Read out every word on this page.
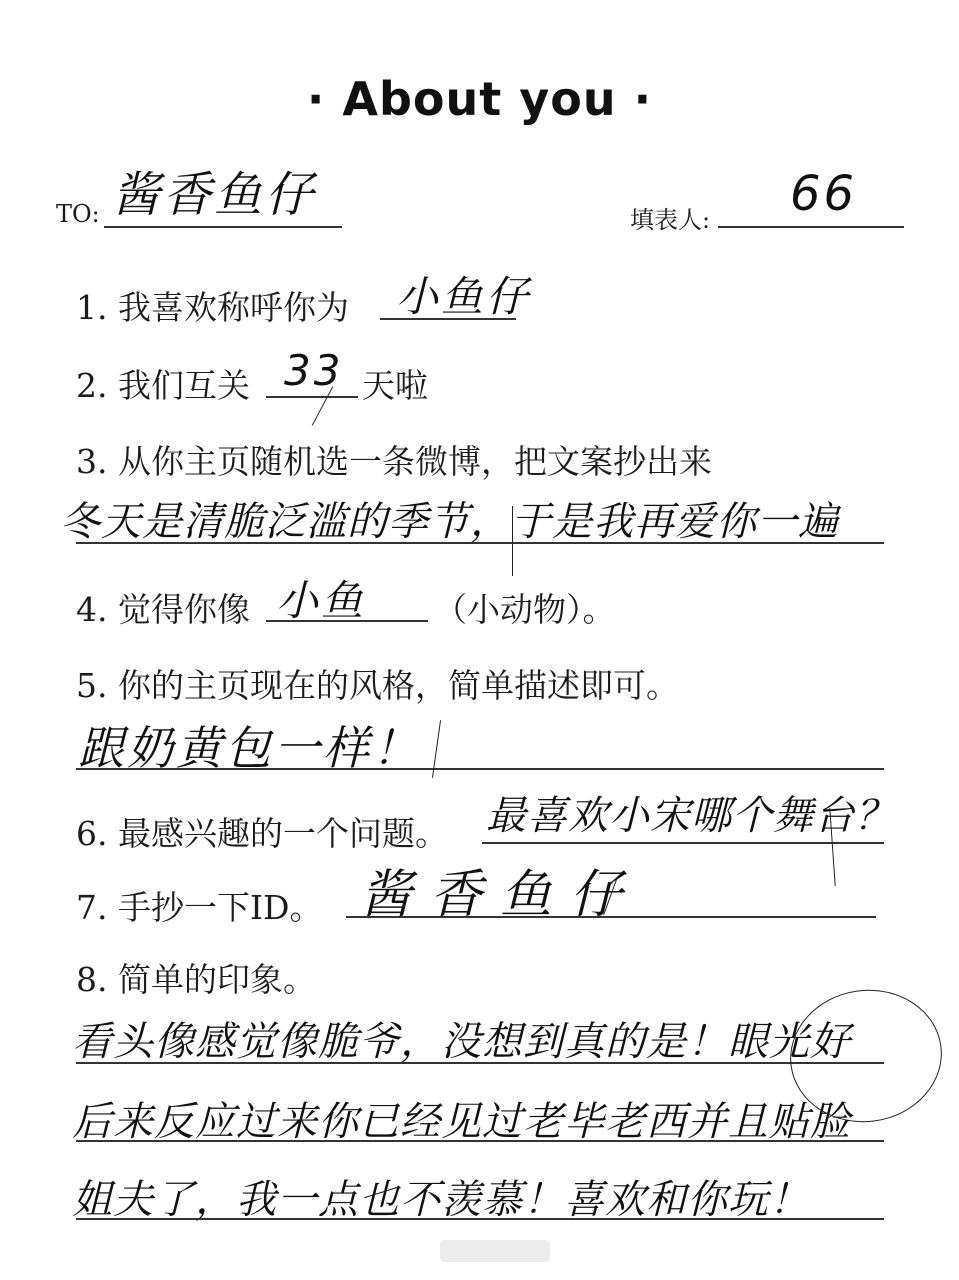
· About you ·
TO: 酱香鱼仔	填表人: 66
1. 我喜欢称呼你为 小鱼仔
2. 我们互关 33 天啦
3. 从你主页随机选一条微博，把文案抄出来
冬天是清脆泛滥的季节，于是我再爱你一遍
4. 觉得你像 小鱼 （小动物）。
5. 你的主页现在的风格，简单描述即可。
跟奶黄包一样！
6. 最感兴趣的一个问题。 最喜欢小宋哪个舞台？
7. 手抄一下ID。 酱香鱼仔
8. 简单的印象。
看头像感觉像脆爷，没想到真的是！眼光好
后来反应过来你已经见过老毕老西并且贴脸
姐夫了，我一点也不羡慕！喜欢和你玩！
